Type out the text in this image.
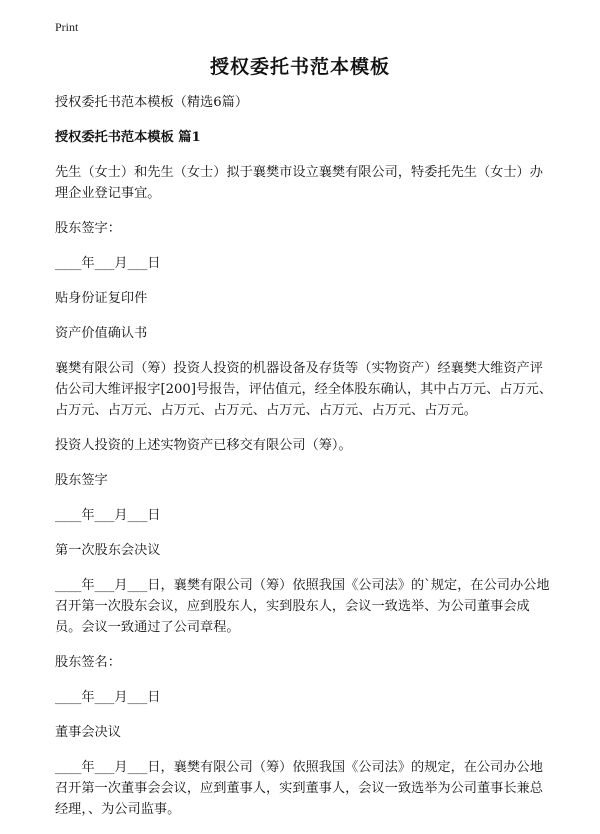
Print
授权委托书范本模板

授权委托书范本模板（精选6篇）

授权委托书范本模板 篇1

先生（女士）和先生（女士）拟于襄樊市设立襄樊有限公司，特委托先生（女士）办理企业登记事宜。

股东签字：

____年___月___日

贴身份证复印件

资产价值确认书

襄樊有限公司（筹）投资人投资的机器设备及存货等（实物资产）经襄樊大维资产评估公司大维评报字[200]号报告，评估值元，经全体股东确认，其中占万元、占万元、占万元、占万元、占万元、占万元、占万元、占万元、占万元、占万元。

投资人投资的上述实物资产已移交有限公司（筹）。

股东签字

____年___月___日

第一次股东会决议

____年___月___日，襄樊有限公司（筹）依照我国《公司法》的`规定，在公司办公地召开第一次股东会议，应到股东人，实到股东人，会议一致选举、为公司董事会成员。会议一致通过了公司章程。

股东签名：

____年___月___日

董事会决议

____年___月___日，襄樊有限公司（筹）依照我国《公司法》的规定，在公司办公地召开第一次董事会会议，应到董事人，实到董事人，会议一致选举为公司董事长兼总经理，、为公司监事。
